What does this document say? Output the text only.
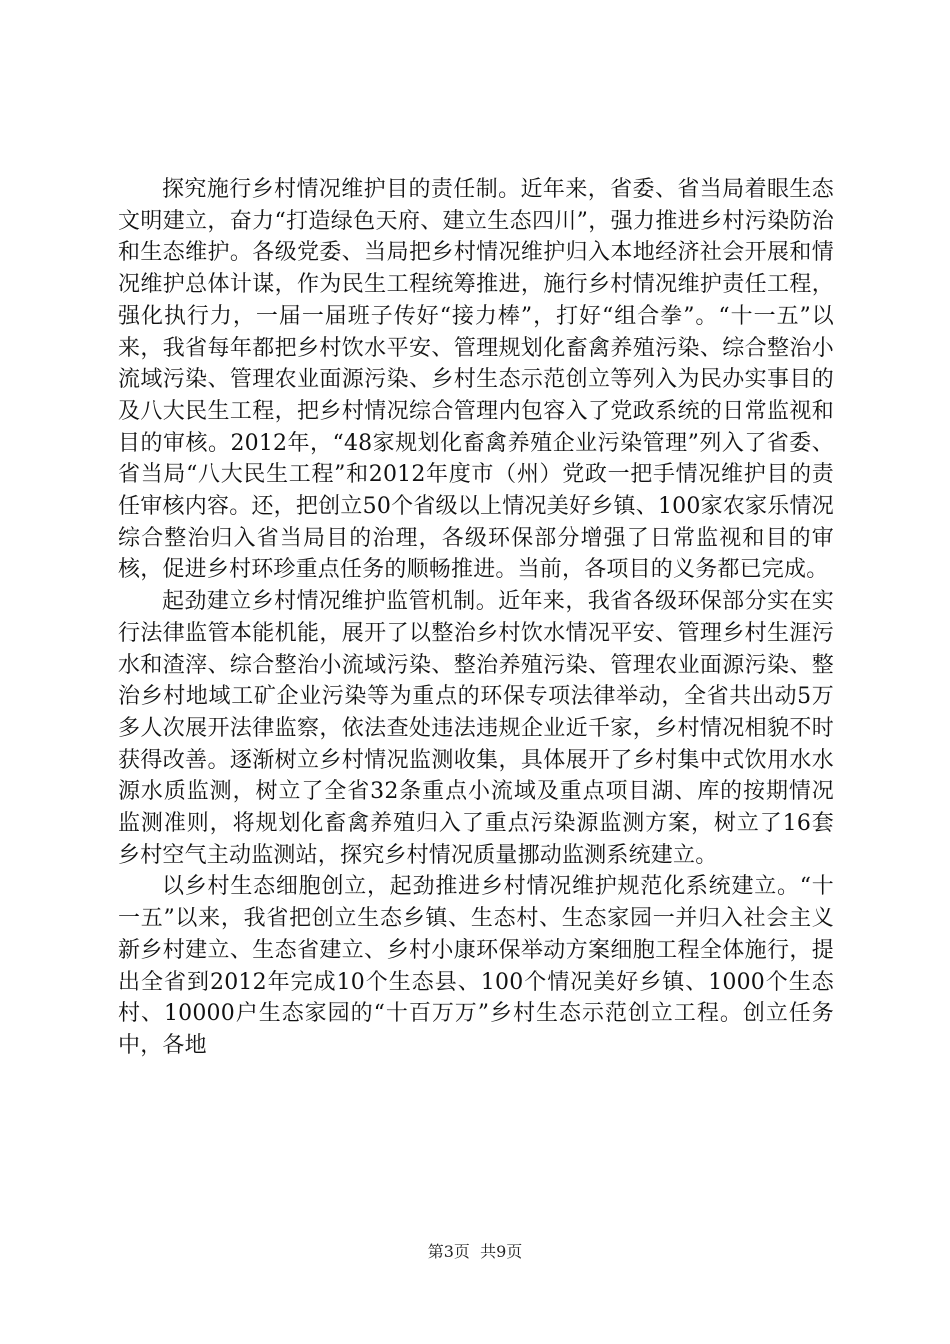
探究施行乡村情况维护目的责任制。近年来，省委、省当局着眼生态文明建立，奋力“打造绿色天府、建立生态四川”，强力推进乡村污染防治和生态维护。各级党委、当局把乡村情况维护归入本地经济社会开展和情况维护总体计谋，作为民生工程统筹推进，施行乡村情况维护责任工程，强化执行力，一届一届班子传好“接力棒”，打好“组合拳”。“十一五”以来，我省每年都把乡村饮水平安、管理规划化畜禽养殖污染、综合整治小流域污染、管理农业面源污染、乡村生态示范创立等列入为民办实事目的及八大民生工程，把乡村情况综合管理内包容入了党政系统的日常监视和目的审核。2012年，“48家规划化畜禽养殖企业污染管理”列入了省委、省当局“八大民生工程”和2012年度市（州）党政一把手情况维护目的责任审核内容。还，把创立50个省级以上情况美好乡镇、100家农家乐情况综合整治归入省当局目的治理，各级环保部分增强了日常监视和目的审核，促进乡村环珍重点任务的顺畅推进。当前，各项目的义务都已完成。

起劲建立乡村情况维护监管机制。近年来，我省各级环保部分实在实行法律监管本能机能，展开了以整治乡村饮水情况平安、管理乡村生涯污水和渣滓、综合整治小流域污染、整治养殖污染、管理农业面源污染、整治乡村地域工矿企业污染等为重点的环保专项法律举动，全省共出动5万多人次展开法律监察，依法查处违法违规企业近千家，乡村情况相貌不时获得改善。逐渐树立乡村情况监测收集，具体展开了乡村集中式饮用水水源水质监测，树立了全省32条重点小流域及重点项目湖、库的按期情况监测准则，将规划化畜禽养殖归入了重点污染源监测方案，树立了16套乡村空气主动监测站，探究乡村情况质量挪动监测系统建立。

以乡村生态细胞创立，起劲推进乡村情况维护规范化系统建立。“十一五”以来，我省把创立生态乡镇、生态村、生态家园一并归入社会主义新乡村建立、生态省建立、乡村小康环保举动方案细胞工程全体施行，提出全省到2012年完成10个生态县、100个情况美好乡镇、1000个生态村、10000户生态家园的“十百万万”乡村生态示范创立工程。创立任务中，各地

第3页  共9页
